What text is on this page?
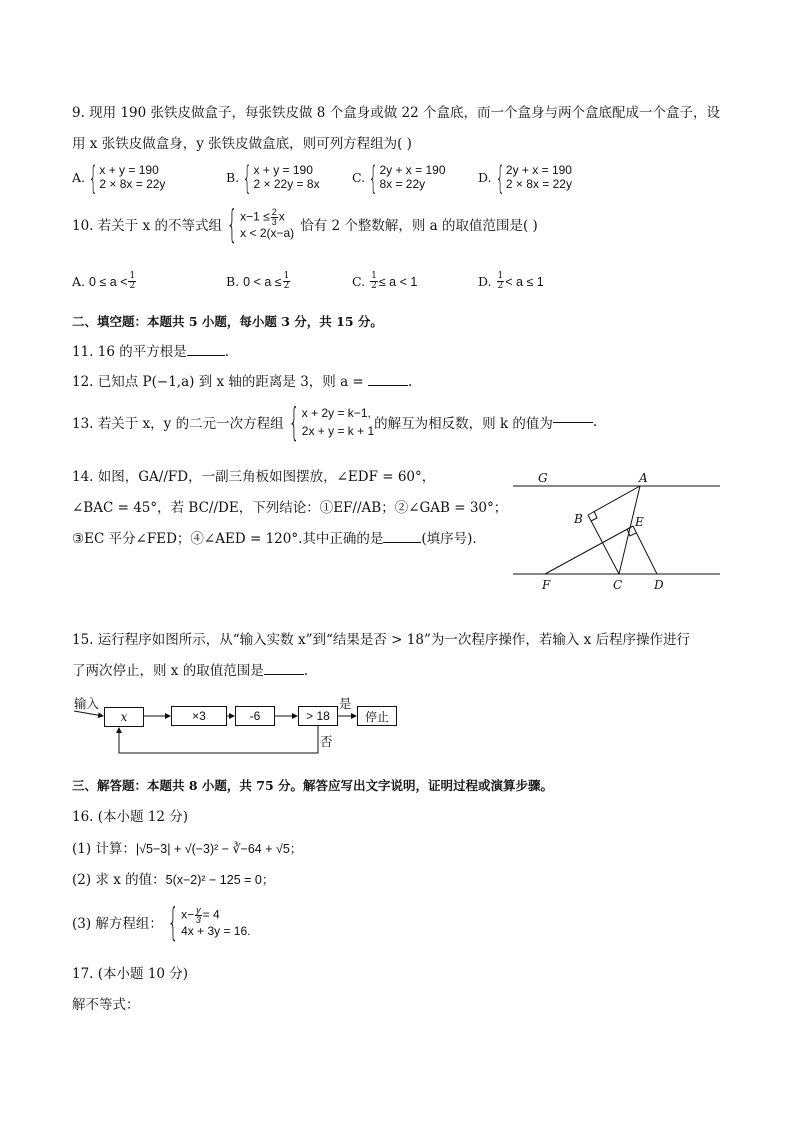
9. 现用 190 张铁皮做盒子，每张铁皮做 8 个盒身或做 22 个盒底，而一个盒身与两个盒底配成一个盒子，设
用 x 张铁皮做盒身，y 张铁皮做盒底，则可列方程组为( )
A. { x + y = 190
2 × 8x = 22y	B. { x + y = 190
2 × 22y = 8x	C. { 2y + x = 190
8x = 22y	D. { 2y + x = 190
2 × 8x = 22y
10. 若关于 x 的不等式组 { $x-1 \le \frac{2}{3}$ x
x < 2(x−a) 恰有 2 个整数解，则 a 的取值范围是( )
A.
$0 \le a < \frac{1}{2}$	B.
$0 < a \le \frac{1}{2}$	C.
$\frac{1}{2} \le a < 1$	D.
$\frac{1}{2} < a \le 1$
二、填空题：本题共 5 小题，每小题 3 分，共 15 分。
11. 16 的平方根是	.
12. 已知点 P(−1,a) 到 x 轴的距离是 3，则 a =	.
13. 若关于 x，y 的二元一次方程组 { x + 2y = k−1,
2x + y = k + 1 的解互为相反数，则 k 的值为	.
14. 如图，GA//FD，一副三角板如图摆放，∠EDF = 60°，
∠BAC = 45°，若 BC//DE，下列结论：①EF//AB；②∠GAB = 30°；
③EC 平分∠FED；④∠AED = 120°.其中正确的是	(填序号).
G	A
B	E
F	C	D
15. 运行程序如图所示，从“输入实数 x”到“结果是否 > 18”为一次程序操作，若输入 x 后程序操作进行
了两次停止，则 x 的取值范围是	.
输入
x	×3	-6	> 18
是
停止
否
三、解答题：本题共 8 小题，共 75 分。解答应写出文字说明，证明过程或演算步骤。
16. (本小题 12 分)
(1) 计算：|√5−3| + √(−3)² − ∛−64 + √5；
(2) 求 x 的值：5(x−2)² − 125 = 0；
(3) 解方程组： { $x- \frac{y}{3} = 4$
4x + 3y = 16.
17. (本小题 10 分)
解不等式：
